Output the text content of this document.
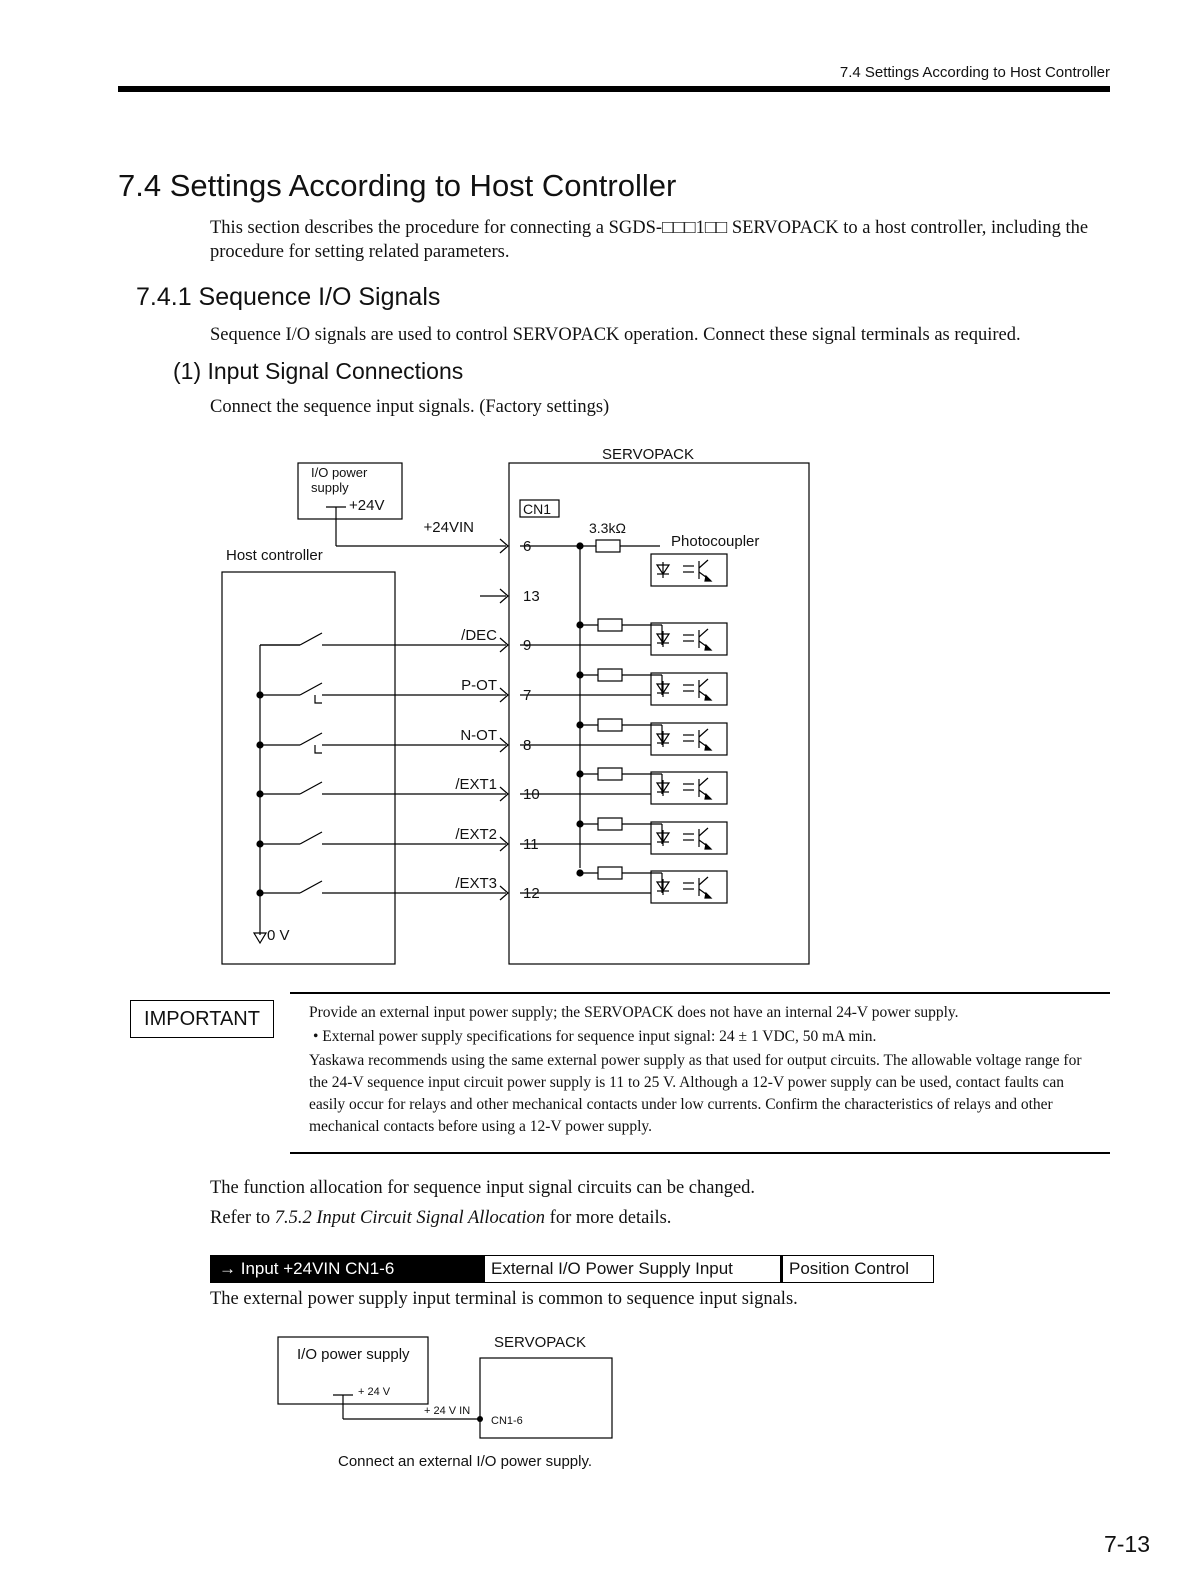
7.4 Settings According to Host Controller
7.4 Settings According to Host Controller
This section describes the procedure for connecting a SGDS-□□□1□□ SERVOPACK to a host controller, including the procedure for setting related parameters.
7.4.1 Sequence I/O Signals
Sequence I/O signals are used to control SERVOPACK operation. Connect these signal terminals as required.
(1) Input Signal Connections
Connect the sequence input signals. (Factory settings)
SERVOPACK
I/O power
supply
+24V	CN1
3.3kΩ
Photocoupler
Host controller
0 V
6
+24VIN
13
9
/DEC
7
P-OT
8
N-OT
10
/EXT1
11
/EXT2
12
/EXT3
IMPORTANT	Provide an external input power supply; the SERVOPACK does not have an internal 24-V power supply.

• External power supply specifications for sequence input signal: 24 ± 1 VDC, 50 mA min.

Yaskawa recommends using the same external power supply as that used for output circuits. The allowable voltage range for the 24-V sequence input circuit power supply is 11 to 25 V. Although a 12-V power supply can be used, contact faults can easily occur for relays and other mechanical contacts under low currents. Confirm the characteristics of relays and other mechanical contacts before using a 12-V power supply.

The function allocation for sequence input signal circuits can be changed.
Refer to 7.5.2 Input Circuit Signal Allocation for more details.
→ Input +24VIN CN1-6	External I/O Power Supply Input	Position Control
The external power supply input terminal is common to sequence input signals.
I/O power supply
SERVOPACK
+ 24 V
+ 24 V IN
CN1-6
Connect an external I/O power supply.
7-13
